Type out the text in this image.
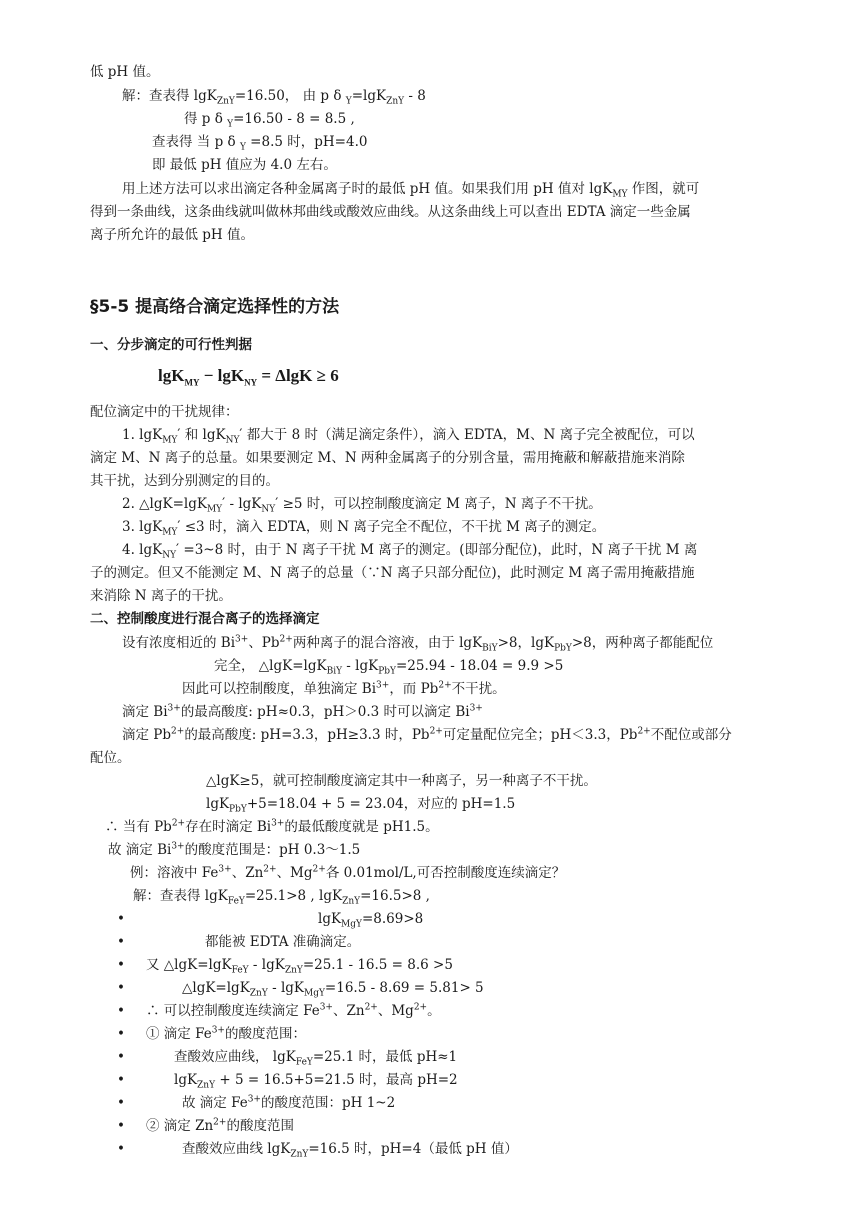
低 pH 值。
解：查表得 lgK$_{ZnY}$=16.50， 由 p δ $_Y$=lgK$_{ZnY}$ - 8
得 p δ $_Y$=16.50 - 8 = 8.5 ,
查表得 当 p δ $_Y$ =8.5 时，pH=4.0
即 最低 pH 值应为 4.0 左右。
用上述方法可以求出滴定各种金属离子时的最低 pH 值。如果我们用 pH 值对 lgK$_{MY}$ 作图，就可
得到一条曲线，这条曲线就叫做林邦曲线或酸效应曲线。从这条曲线上可以查出 EDTA 滴定一些金属
离子所允许的最低 pH 值。
§5-5 提高络合滴定选择性的方法
一、分步滴定的可行性判据
lgK$_{MY}$ − lgK$_{NY}$ = ΔlgK ≥ 6
配位滴定中的干扰规律：
1. lgK$_{MY}$′ 和 lgK$_{NY}$′ 都大于 8 时（满足滴定条件），滴入 EDTA，M、N 离子完全被配位，可以
滴定 M、N 离子的总量。如果要测定 M、N 两种金属离子的分别含量，需用掩蔽和解蔽措施来消除
其干扰，达到分别测定的目的。
2. △lgK=lgK$_{MY}$′ - lgK$_{NY}$′ ≥5 时，可以控制酸度滴定 M 离子，N 离子不干扰。
3. lgK$_{MY}$′ ≤3 时，滴入 EDTA，则 N 离子完全不配位，不干扰 M 离子的测定。
4. lgK$_{NY}$′ =3~8 时，由于 N 离子干扰 M 离子的测定。(即部分配位)，此时，N 离子干扰 M 离
子的测定。但又不能测定 M、N 离子的总量（∵N 离子只部分配位)，此时测定 M 离子需用掩蔽措施
来消除 N 离子的干扰。
二、控制酸度进行混合离子的选择滴定
设有浓度相近的 $Bi^{3+}$、$Pb^{2+}$两种离子的混合溶液，由于 lgK$_{BiY}$>8，lgK$_{PbY}$>8，两种离子都能配位
完全， △lgK=lgK$_{BiY}$ - lgK$_{PbY}$=25.94 - 18.04 = 9.9 >5
因此可以控制酸度，单独滴定 $Bi^{3+}$，而 $Pb^{2+}$不干扰。
滴定 $Bi^{3+}$的最高酸度: pH≈0.3，pH＞0.3 时可以滴定 $Bi^{3+}$
滴定 $Pb^{2+}$的最高酸度: pH=3.3，pH≥3.3 时，$Pb^{2+}$可定量配位完全；pH＜3.3，$Pb^{2+}$不配位或部分
配位。
△lgK≥5，就可控制酸度滴定其中一种离子，另一种离子不干扰。
lgK$_{PbY}$+5=18.04 + 5 = 23.04，对应的 pH=1.5
∴ 当有 $Pb^{2+}$存在时滴定 $Bi^{3+}$的最低酸度就是 pH1.5。
故 滴定 $Bi^{3+}$的酸度范围是：pH 0.3～1.5
例：溶液中 $Fe^{3+}$、$Zn^{2+}$、$Mg^{2+}$各 0.01mol/L,可否控制酸度连续滴定？
解：查表得 lgK$_{FeY}$=25.1>8 , lgK$_{ZnY}$=16.5>8 ,
•	lgK$_{MgY}$=8.69>8
•	都能被 EDTA 准确滴定。
• 又 △lgK=lgK$_{FeY}$ - lgK$_{ZnY}$=25.1 - 16.5 = 8.6 >5
•	△lgK=lgK$_{ZnY}$ - lgK$_{MgY}$=16.5 - 8.69 = 5.81> 5
• ∴ 可以控制酸度连续滴定 $Fe^{3+}$、$Zn^{2+}$、$Mg^{2+}$。
• ① 滴定 $Fe^{3+}$的酸度范围：
•	查酸效应曲线， lgK$_{FeY}$=25.1 时，最低 pH≈1
•	lgK$_{ZnY}$ + 5 = 16.5+5=21.5 时，最高 pH=2
•	故 滴定 $Fe^{3+}$的酸度范围：pH 1~2
• ② 滴定 $Zn^{2+}$的酸度范围
•	查酸效应曲线 lgK$_{ZnY}$=16.5 时，pH=4（最低 pH 值）
